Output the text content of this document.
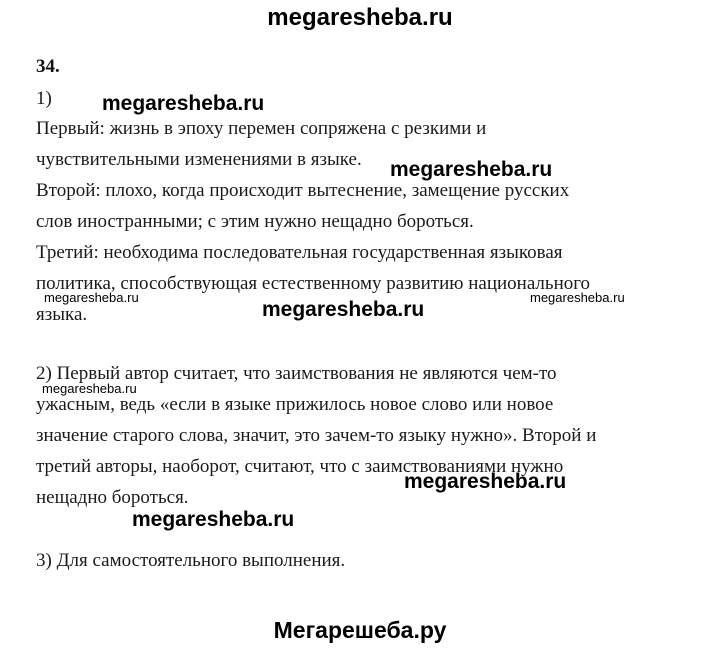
megaresheba.ru
34.
1)
Первый: жизнь в эпоху перемен сопряжена с резкими и
чувствительными изменениями в языке.
Второй: плохо, когда происходит вытеснение, замещение русских
слов иностранными; с этим нужно нещадно бороться.
Третий: необходима последовательная государственная языковая
политика, способствующая естественному развитию национального
языка.
2) Первый автор считает, что заимствования не являются чем-то
ужасным, ведь «если в языке прижилось новое слово или новое
значение старого слова, значит, это зачем-то языку нужно». Второй и
третий авторы, наоборот, считают, что с заимствованиями нужно
нещадно бороться.
3) Для самостоятельного выполнения.
megaresheba.ru
megaresheba.ru
megaresheba.ru
megaresheba.ru
megaresheba.ru
megaresheba.ru
megaresheba.ru
megaresheba.ru
Мегарешеба.ру
